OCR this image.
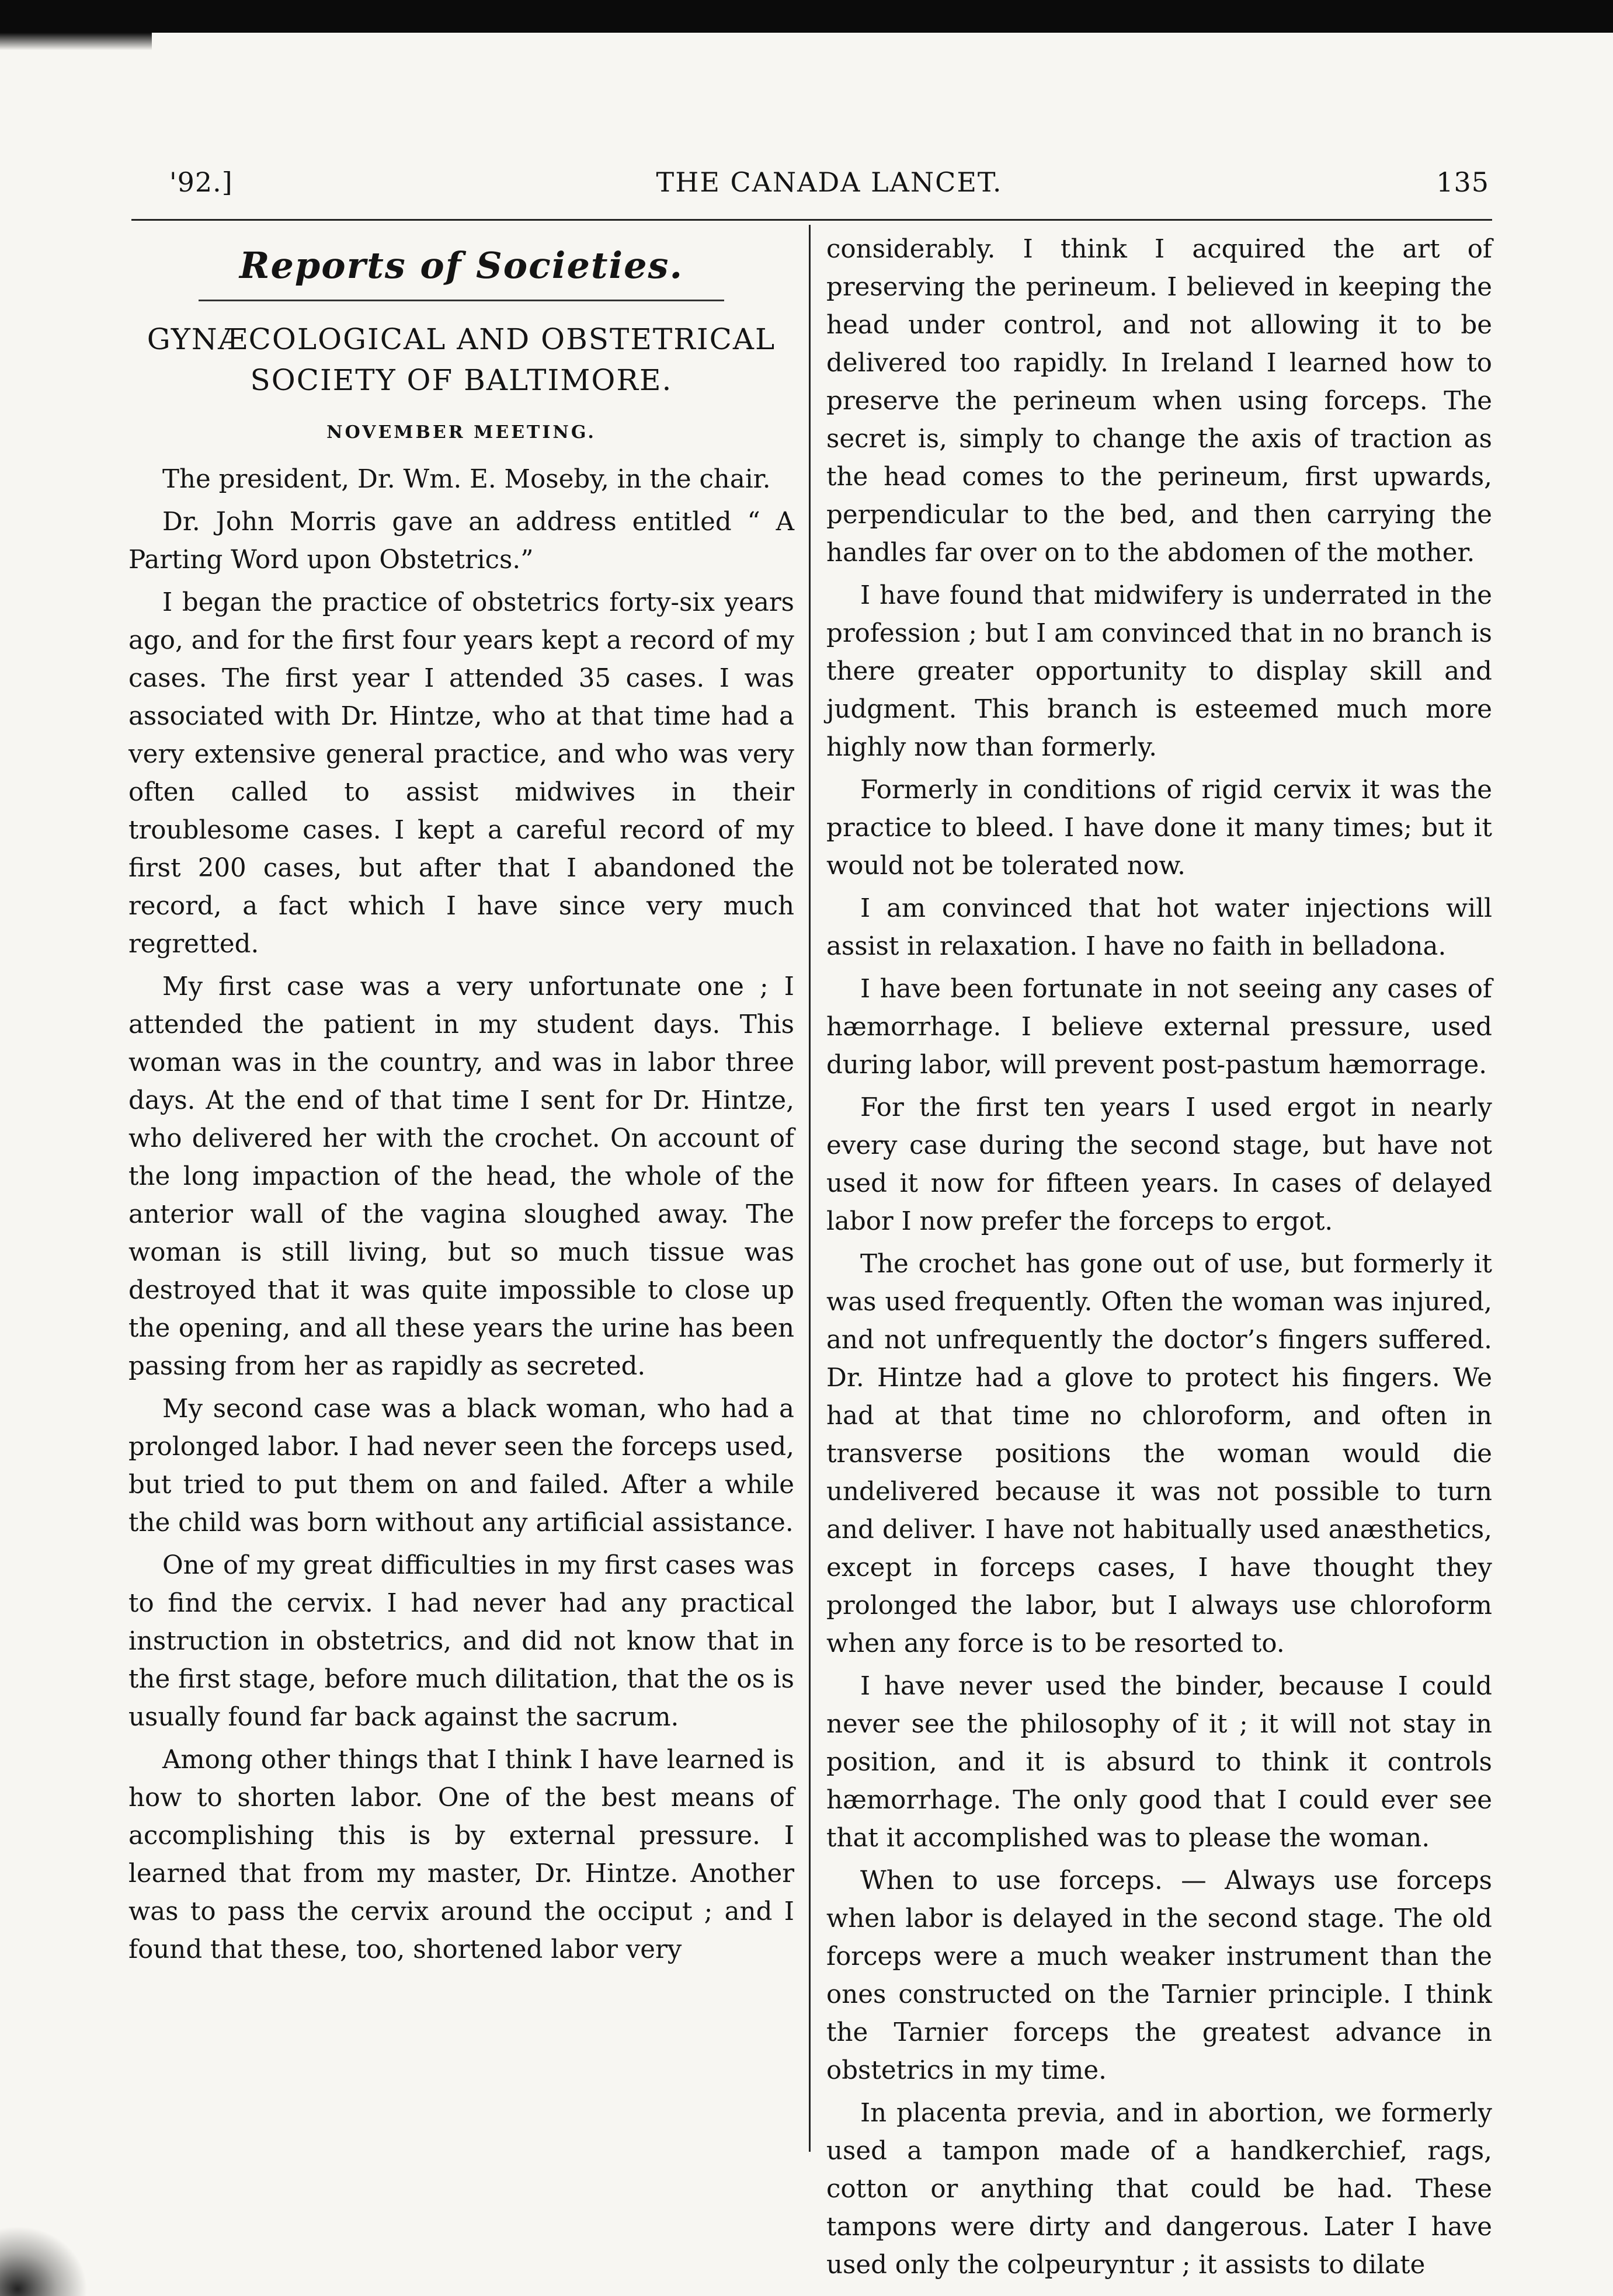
'92.]	THE CANADA LANCET.	135
Reports of Societies.
GYNÆCOLOGICAL AND OBSTETRICAL SOCIETY OF BALTIMORE.
NOVEMBER MEETING.

The president, Dr. Wm. E. Moseby, in the chair.

Dr. John Morris gave an address entitled “ A Parting Word upon Obstetrics.”

I began the practice of obstetrics forty-six years ago, and for the first four years kept a record of my cases. The first year I attended 35 cases. I was associated with Dr. Hintze, who at that time had a very extensive general practice, and who was very often called to assist midwives in their troublesome cases. I kept a careful record of my first 200 cases, but after that I abandoned the record, a fact which I have since very much regretted.

My first case was a very unfortunate one ; I attended the patient in my student days. This woman was in the country, and was in labor three days. At the end of that time I sent for Dr. Hintze, who delivered her with the crochet. On account of the long impaction of the head, the whole of the anterior wall of the vagina sloughed away. The woman is still living, but so much tissue was destroyed that it was quite impossible to close up the opening, and all these years the urine has been passing from her as rapidly as secreted.

My second case was a black woman, who had a prolonged labor. I had never seen the forceps used, but tried to put them on and failed. After a while the child was born without any artificial assistance.

One of my great difficulties in my first cases was to find the cervix. I had never had any practical instruction in obstetrics, and did not know that in the first stage, before much dilitation, that the os is usually found far back against the sacrum.

Among other things that I think I have learned is how to shorten labor. One of the best means of accomplishing this is by external pressure. I learned that from my master, Dr. Hintze. Another was to pass the cervix around the occiput ; and I found that these, too, shortened labor very

considerably. I think I acquired the art of preserving the perineum. I believed in keeping the head under control, and not allowing it to be delivered too rapidly. In Ireland I learned how to preserve the perineum when using forceps. The secret is, simply to change the axis of traction as the head comes to the perineum, first upwards, perpendicular to the bed, and then carrying the handles far over on to the abdomen of the mother.

I have found that midwifery is underrated in the profession ; but I am convinced that in no branch is there greater opportunity to display skill and judgment. This branch is esteemed much more highly now than formerly.

Formerly in conditions of rigid cervix it was the practice to bleed. I have done it many times; but it would not be tolerated now.

I am convinced that hot water injections will assist in relaxation. I have no faith in belladona.

I have been fortunate in not seeing any cases of hæmorrhage. I believe external pressure, used during labor, will prevent post-pastum hæmorrage.

For the first ten years I used ergot in nearly every case during the second stage, but have not used it now for fifteen years. In cases of delayed labor I now prefer the forceps to ergot.

The crochet has gone out of use, but formerly it was used frequently. Often the woman was injured, and not unfrequently the doctor’s fingers suffered. Dr. Hintze had a glove to protect his fingers. We had at that time no chloroform, and often in transverse positions the woman would die undelivered because it was not possible to turn and deliver. I have not habitually used anæsthetics, except in forceps cases, I have thought they prolonged the labor, but I always use chloroform when any force is to be resorted to.

I have never used the binder, because I could never see the philosophy of it ; it will not stay in position, and it is absurd to think it controls hæmorrhage. The only good that I could ever see that it accomplished was to please the woman.

When to use forceps. — Always use forceps when labor is delayed in the second stage. The old forceps were a much weaker instrument than the ones constructed on the Tarnier principle. I think the Tarnier forceps the greatest advance in obstetrics in my time.

In placenta previa, and in abortion, we formerly used a tampon made of a handkerchief, rags, cotton or anything that could be had. These tampons were dirty and dangerous. Later I have used only the colpeuryntur ; it assists to dilate
